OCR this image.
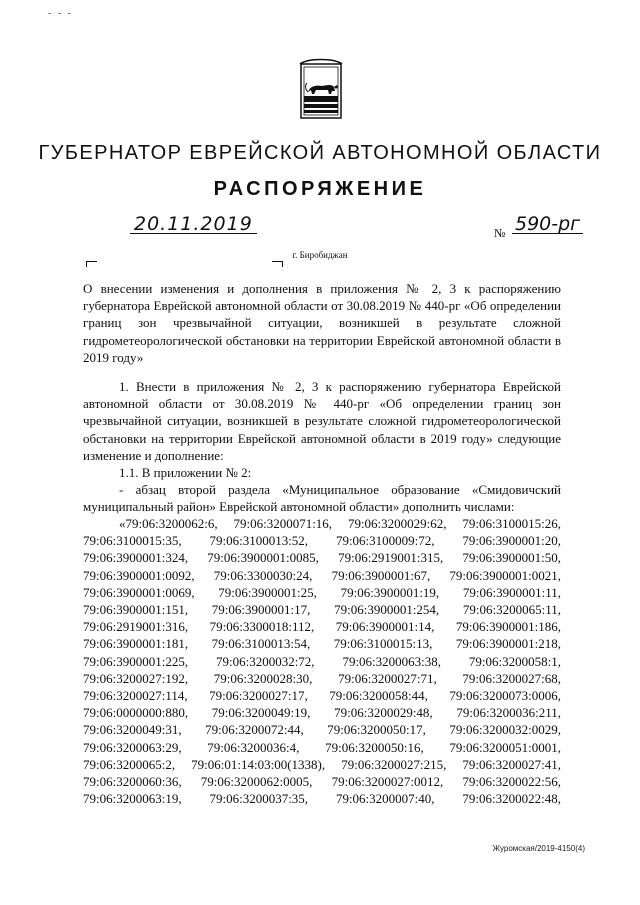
- - -
ГУБЕРНАТОР ЕВРЕЙСКОЙ АВТОНОМНОЙ ОБЛАСТИ
РАСПОРЯЖЕНИЕ
20.11.2019	№ 590-рг
г. Биробиджан

О внесении изменения и дополнения в приложения № 2, 3 к распоряжению губернатора Еврейской автономной области от 30.08.2019 № 440-рг «Об определении границ зон чрезвычайной ситуации, возникшей в результате сложной гидрометеорологической обстановки на территории Еврейской автономной области в 2019 году»

1. Внести в приложения № 2, 3 к распоряжению губернатора Еврейской автономной области от 30.08.2019 № 440-рг «Об определении границ зон чрезвычайной ситуации, возникшей в результате сложной гидрометеорологической обстановки на территории Еврейской автономной области в 2019 году» следующие изменение и дополнение:

1.1. В приложении № 2:

- абзац второй раздела «Муниципальное образование «Смидовичский муниципальный район» Еврейской автономной области» дополнить числами:

«79:06:3200062:6, 79:06:3200071:16, 79:06:3200029:62, 79:06:3100015:26, 79:06:3100015:35, 79:06:3100013:52, 79:06:3100009:72, 79:06:3900001:20, 79:06:3900001:324, 79:06:3900001:0085, 79:06:2919001:315, 79:06:3900001:50, 79:06:3900001:0092, 79:06:3300030:24, 79:06:3900001:67, 79:06:3900001:0021, 79:06:3900001:0069, 79:06:3900001:25, 79:06:3900001:19, 79:06:3900001:11, 79:06:3900001:151, 79:06:3900001:17, 79:06:3900001:254, 79:06:3200065:11, 79:06:2919001:316, 79:06:3300018:112, 79:06:3900001:14, 79:06:3900001:186, 79:06:3900001:181, 79:06:3100013:54, 79:06:3100015:13, 79:06:3900001:218, 79:06:3900001:225, 79:06:3200032:72, 79:06:3200063:38, 79:06:3200058:1, 79:06:3200027:192, 79:06:3200028:30, 79:06:3200027:71, 79:06:3200027:68, 79:06:3200027:114, 79:06:3200027:17, 79:06:3200058:44, 79:06:3200073:0006, 79:06:0000000:880, 79:06:3200049:19, 79:06:3200029:48, 79:06:3200036:211, 79:06:3200049:31, 79:06:3200072:44, 79:06:3200050:17, 79:06:3200032:0029, 79:06:3200063:29, 79:06:3200036:4, 79:06:3200050:16, 79:06:3200051:0001, 79:06:3200065:2, 79:06:01:14:03:00(1338), 79:06:3200027:215, 79:06:3200027:41, 79:06:3200060:36, 79:06:3200062:0005, 79:06:3200027:0012, 79:06:3200022:56, 79:06:3200063:19, 79:06:3200037:35, 79:06:3200007:40, 79:06:3200022:48,

Журомская/2019-4150(4)
